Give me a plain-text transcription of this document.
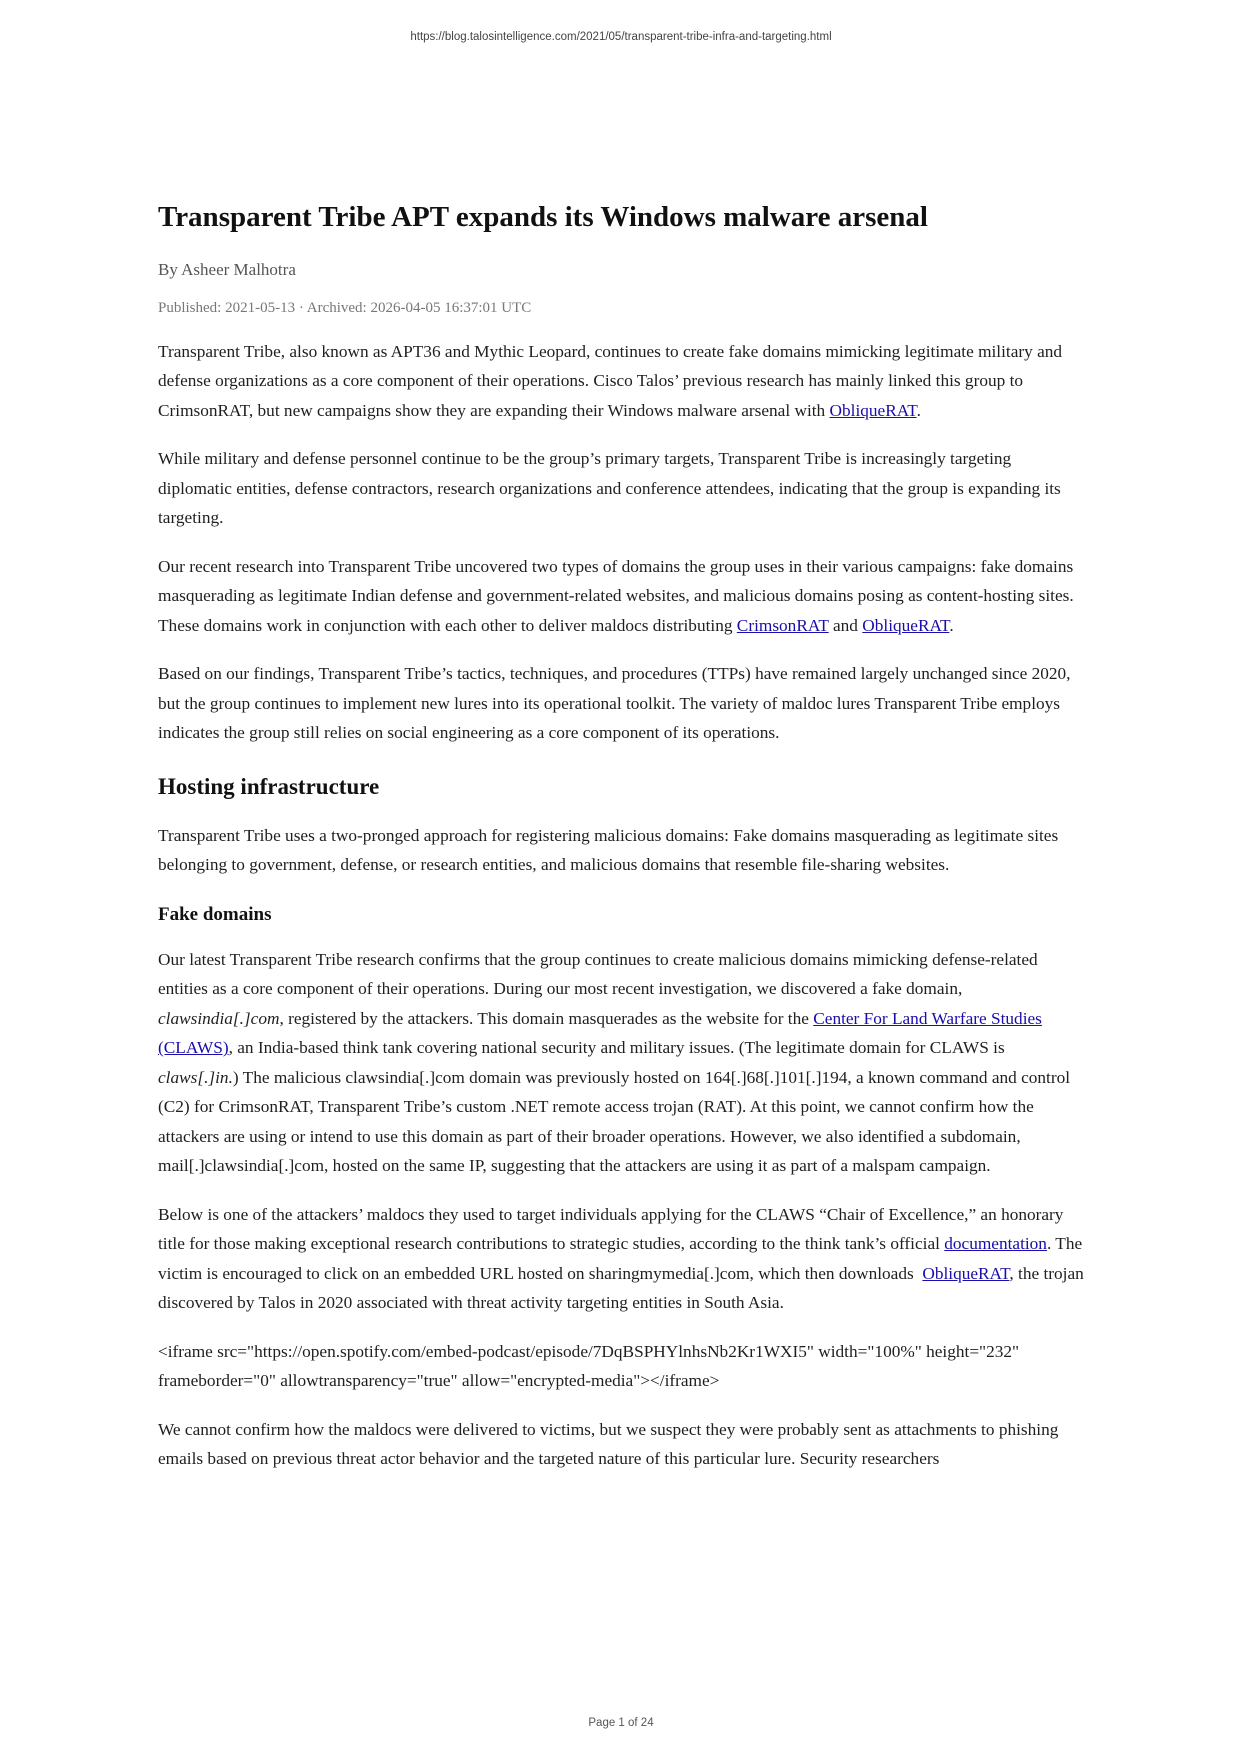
https://blog.talosintelligence.com/2021/05/transparent-tribe-infra-and-targeting.html
Transparent Tribe APT expands its Windows malware arsenal
By Asheer Malhotra
Published: 2021-05-13 · Archived: 2026-04-05 16:37:01 UTC

Transparent Tribe, also known as APT36 and Mythic Leopard, continues to create fake domains mimicking legitimate military and defense organizations as a core component of their operations. Cisco Talos’ previous research has mainly linked this group to CrimsonRAT, but new campaigns show they are expanding their Windows malware arsenal with ObliqueRAT.

While military and defense personnel continue to be the group’s primary targets, Transparent Tribe is increasingly targeting diplomatic entities, defense contractors, research organizations and conference attendees, indicating that the group is expanding its targeting.

Our recent research into Transparent Tribe uncovered two types of domains the group uses in their various campaigns: fake domains masquerading as legitimate Indian defense and government-related websites, and malicious domains posing as content-hosting sites. These domains work in conjunction with each other to deliver maldocs distributing CrimsonRAT and ObliqueRAT.

Based on our findings, Transparent Tribe’s tactics, techniques, and procedures (TTPs) have remained largely unchanged since 2020, but the group continues to implement new lures into its operational toolkit. The variety of maldoc lures Transparent Tribe employs indicates the group still relies on social engineering as a core component of its operations.

Hosting infrastructure

Transparent Tribe uses a two-pronged approach for registering malicious domains: Fake domains masquerading as legitimate sites belonging to government, defense, or research entities, and malicious domains that resemble file-sharing websites.

Fake domains

Our latest Transparent Tribe research confirms that the group continues to create malicious domains mimicking defense-related entities as a core component of their operations. During our most recent investigation, we discovered a fake domain, clawsindia[.]com, registered by the attackers. This domain masquerades as the website for the Center For Land Warfare Studies (CLAWS), an India-based think tank covering national security and military issues. (The legitimate domain for CLAWS is claws[.]in.) The malicious clawsindia[.]com domain was previously hosted on 164[.]68[.]101[.]194, a known command and control (C2) for CrimsonRAT, Transparent Tribe’s custom .NET remote access trojan (RAT). At this point, we cannot confirm how the attackers are using or intend to use this domain as part of their broader operations. However, we also identified a subdomain, mail[.]clawsindia[.]com, hosted on the same IP, suggesting that the attackers are using it as part of a malspam campaign.

Below is one of the attackers’ maldocs they used to target individuals applying for the CLAWS “Chair of Excellence,” an honorary title for those making exceptional research contributions to strategic studies, according to the think tank’s official documentation. The victim is encouraged to click on an embedded URL hosted on sharingmymedia[.]com, which then downloads  ObliqueRAT, the trojan discovered by Talos in 2020 associated with threat activity targeting entities in South Asia.

<iframe src="https://open.spotify.com/embed-podcast/episode/7DqBSPHYlnhsNb2Kr1WXI5" width="100%" height="232" frameborder="0" allowtransparency="true" allow="encrypted-media"></iframe>

We cannot confirm how the maldocs were delivered to victims, but we suspect they were probably sent as attachments to phishing emails based on previous threat actor behavior and the targeted nature of this particular lure. Security researchers

Page 1 of 24
